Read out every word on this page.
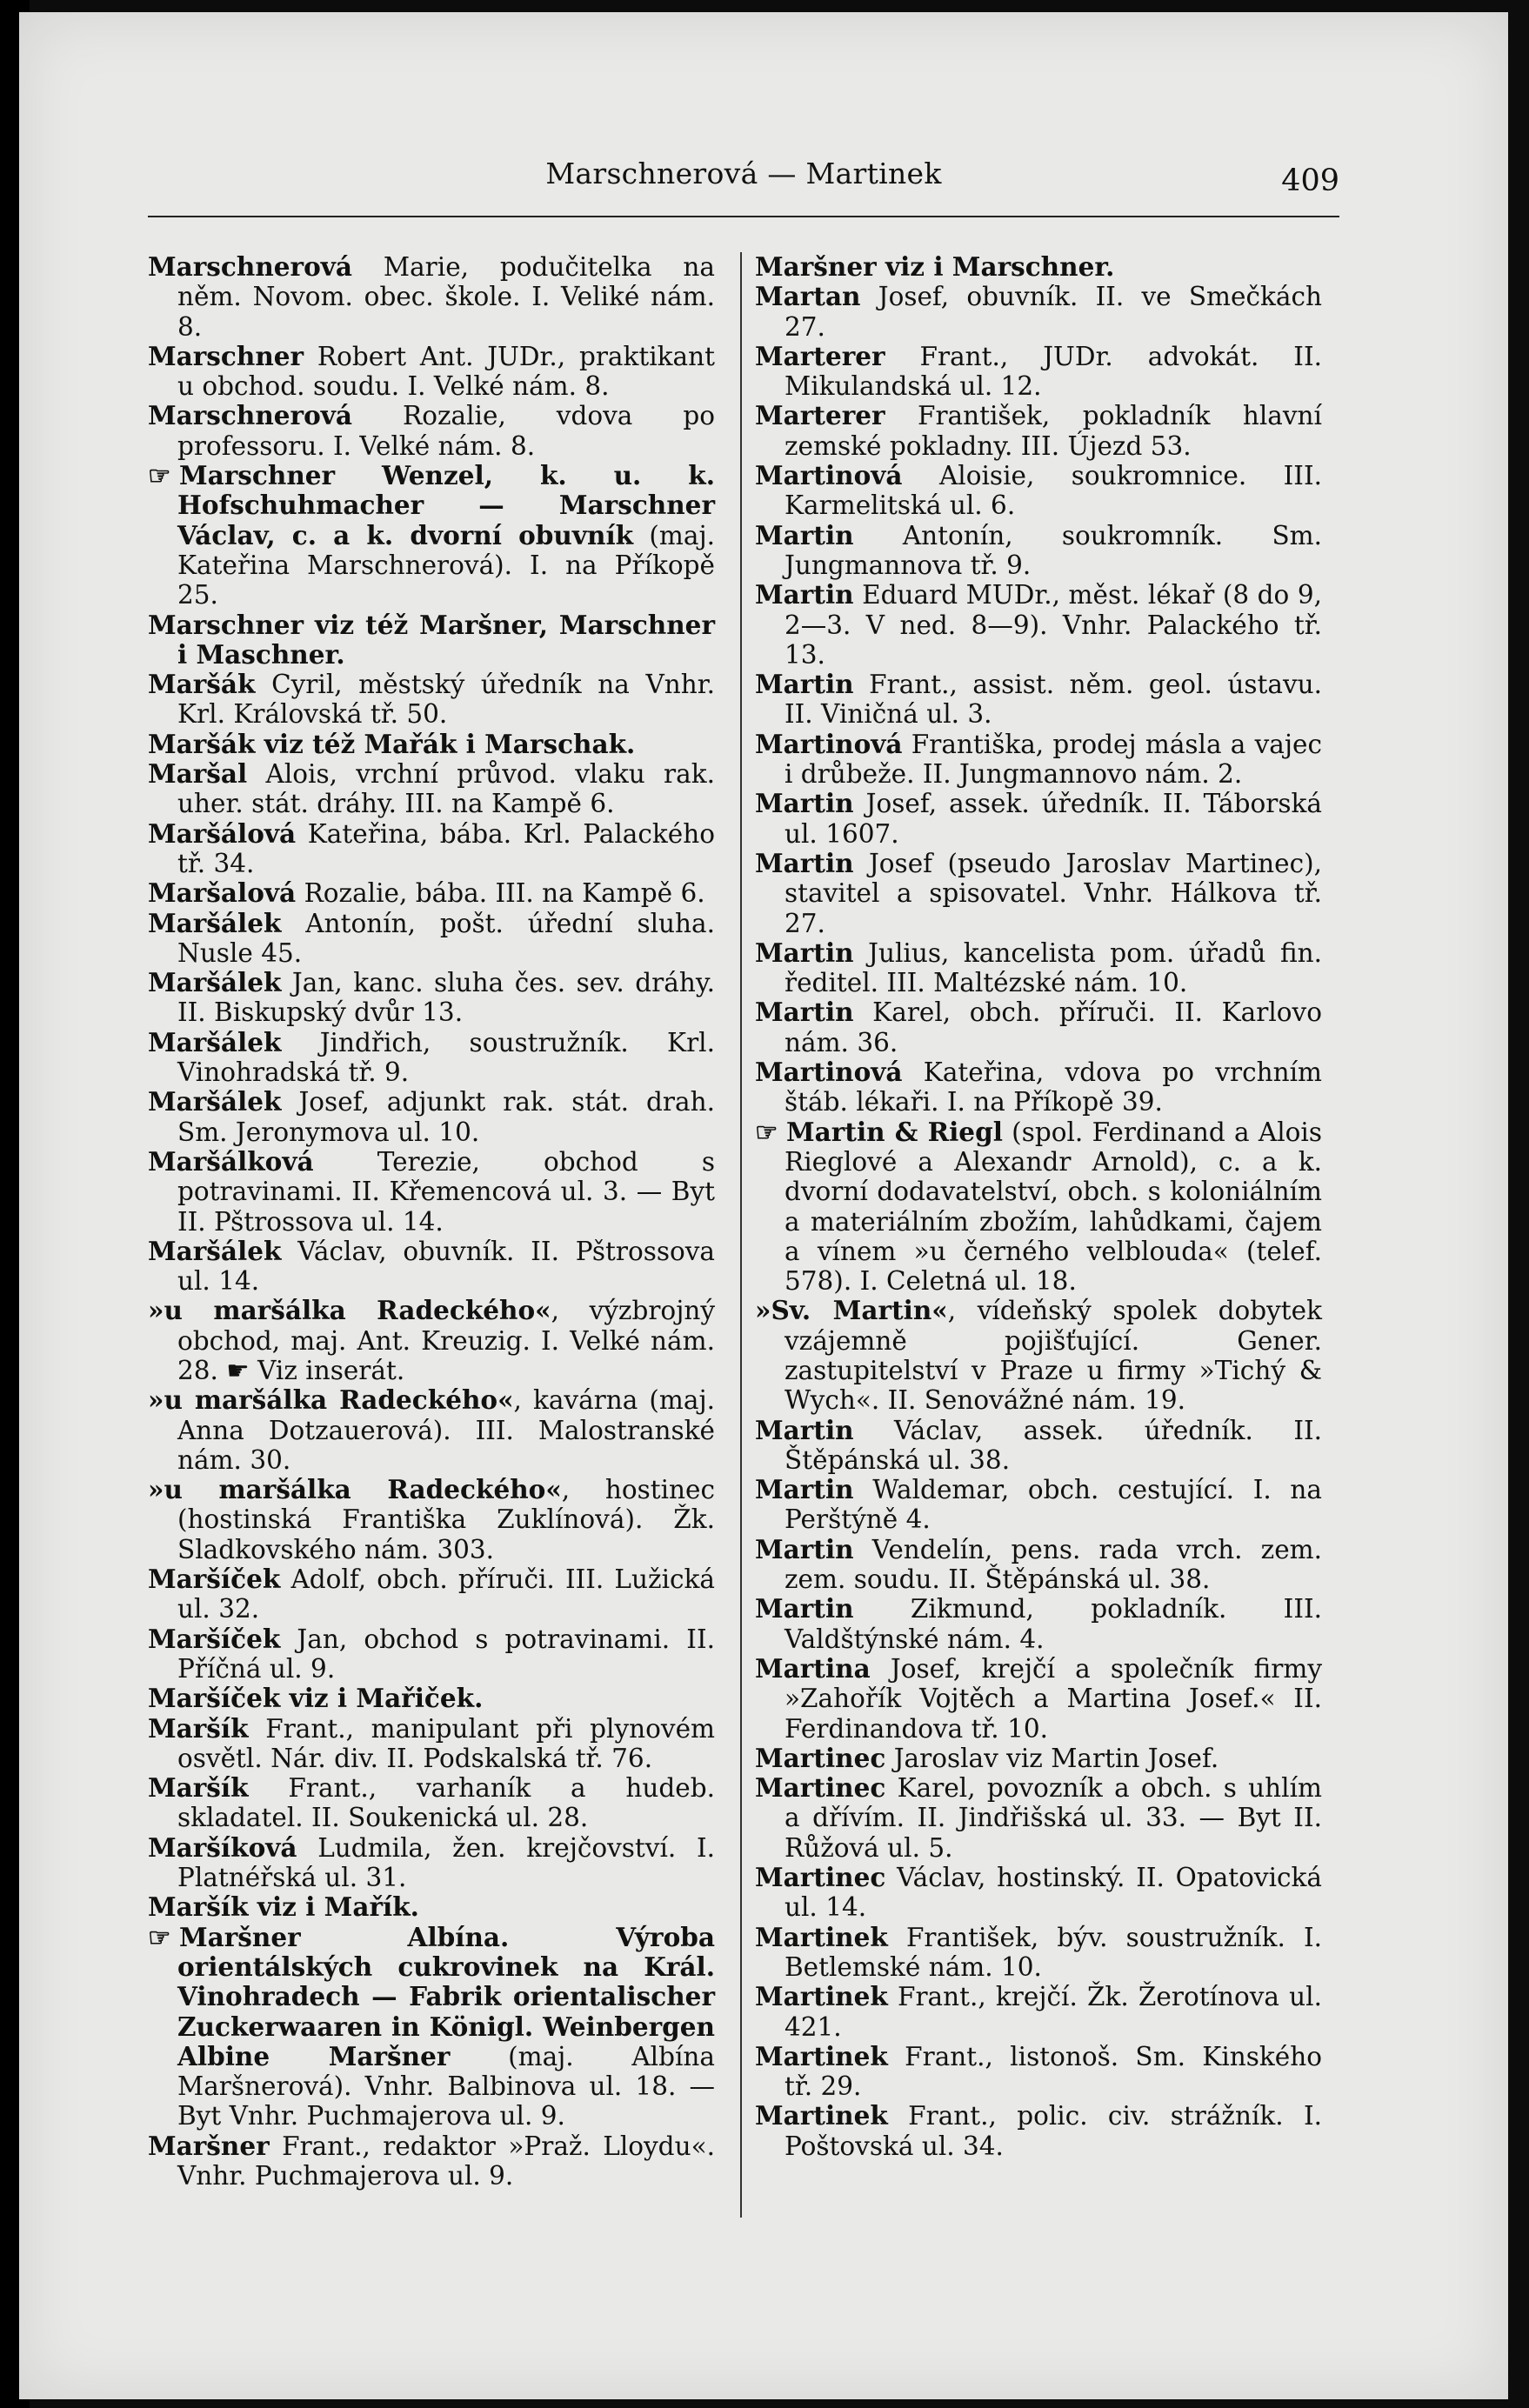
Marschnerová — Martinek	409

Marschnerová Marie, podučitelka na něm. Novom. obec. škole. I. Veliké nám. 8.

Marschner Robert Ant. JUDr., praktikant u obchod. soudu. I. Velké nám. 8.

Marschnerová Rozalie, vdova po professoru. I. Velké nám. 8.

☞ Marschner Wenzel, k. u. k. Hofschuhmacher — Marschner Václav, c. a k. dvorní obuvník (maj. Kateřina Marschnerová). I. na Příkopě 25.

Marschner viz též Maršner, Marschner i Maschner.

Maršák Cyril, městský úředník na Vnhr. Krl. Královská tř. 50.

Maršák viz též Mařák i Marschak.

Maršal Alois, vrchní průvod. vlaku rak. uher. stát. dráhy. III. na Kampě 6.

Maršálová Kateřina, bába. Krl. Palackého tř. 34.

Maršalová Rozalie, bába. III. na Kampě 6.

Maršálek Antonín, pošt. úřední sluha. Nusle 45.

Maršálek Jan, kanc. sluha čes. sev. dráhy. II. Biskupský dvůr 13.

Maršálek Jindřich, soustružník. Krl. Vinohradská tř. 9.

Maršálek Josef, adjunkt rak. stát. drah. Sm. Jeronymova ul. 10.

Maršálková Terezie, obchod s potravinami. II. Křemencová ul. 3. — Byt II. Pštrossova ul. 14.

Maršálek Václav, obuvník. II. Pštrossova ul. 14.

»u maršálka Radeckého«, výzbrojný obchod, maj. Ant. Kreuzig. I. Velké nám. 28. ☛ Viz inserát.

»u maršálka Radeckého«, kavárna (maj. Anna Dotzauerová). III. Malostranské nám. 30.

»u maršálka Radeckého«, hostinec (hostinská Františka Zuklínová). Žk. Sladkovského nám. 303.

Maršíček Adolf, obch. příruči. III. Lužická ul. 32.

Maršíček Jan, obchod s potravinami. II. Příčná ul. 9.

Maršíček viz i Mařiček.

Maršík Frant., manipulant při plynovém osvětl. Nár. div. II. Podskalská tř. 76.

Maršík Frant., varhaník a hudeb. skladatel. II. Soukenická ul. 28.

Maršíková Ludmila, žen. krejčovství. I. Platnéřská ul. 31.

Maršík viz i Mařík.

☞ Maršner Albína. Výroba orientálských cukrovinek na Král. Vinohradech — Fabrik orientalischer Zuckerwaaren in Königl. Weinbergen Albine Maršner (maj. Albína Maršnerová). Vnhr. Balbinova ul. 18. — Byt Vnhr. Puchmajerova ul. 9.

Maršner Frant., redaktor »Praž. Lloydu«. Vnhr. Puchmajerova ul. 9.

Maršner viz i Marschner.

Martan Josef, obuvník. II. ve Smečkách 27.

Marterer Frant., JUDr. advokát. II. Mikulandská ul. 12.

Marterer František, pokladník hlavní zemské pokladny. III. Újezd 53.

Martinová Aloisie, soukromnice. III. Karmelitská ul. 6.

Martin Antonín, soukromník. Sm. Jungmannova tř. 9.

Martin Eduard MUDr., měst. lékař (8 do 9, 2—3. V ned. 8—9). Vnhr. Palackého tř. 13.

Martin Frant., assist. něm. geol. ústavu. II. Viničná ul. 3.

Martinová Františka, prodej másla a vajec i drůbeže. II. Jungmannovo nám. 2.

Martin Josef, assek. úředník. II. Táborská ul. 1607.

Martin Josef (pseudo Jaroslav Martinec), stavitel a spisovatel. Vnhr. Hálkova tř. 27.

Martin Julius, kancelista pom. úřadů fin. ředitel. III. Maltézské nám. 10.

Martin Karel, obch. příruči. II. Karlovo nám. 36.

Martinová Kateřina, vdova po vrchním štáb. lékaři. I. na Příkopě 39.

☞ Martin & Riegl (spol. Ferdinand a Alois Rieglové a Alexandr Arnold), c. a k. dvorní dodavatelství, obch. s koloniálním a materiálním zbožím, lahůdkami, čajem a vínem »u černého velblouda« (telef. 578). I. Celetná ul. 18.

»Sv. Martin«, vídeňský spolek dobytek vzájemně pojišťující. Gener. zastupitelství v Praze u firmy »Tichý & Wych«. II. Senovážné nám. 19.

Martin Václav, assek. úředník. II. Štěpánská ul. 38.

Martin Waldemar, obch. cestující. I. na Perštýně 4.

Martin Vendelín, pens. rada vrch. zem. zem. soudu. II. Štěpánská ul. 38.

Martin Zikmund, pokladník. III. Valdštýnské nám. 4.

Martina Josef, krejčí a společník firmy »Zahořík Vojtěch a Martina Josef.« II. Ferdinandova tř. 10.

Martinec Jaroslav viz Martin Josef.

Martinec Karel, povozník a obch. s uhlím a dřívím. II. Jindřišská ul. 33. — Byt II. Růžová ul. 5.

Martinec Václav, hostinský. II. Opatovická ul. 14.

Martinek František, býv. soustružník. I. Betlemské nám. 10.

Martinek Frant., krejčí. Žk. Žerotínova ul. 421.

Martinek Frant., listonoš. Sm. Kinského tř. 29.

Martinek Frant., polic. civ. strážník. I. Poštovská ul. 34.
